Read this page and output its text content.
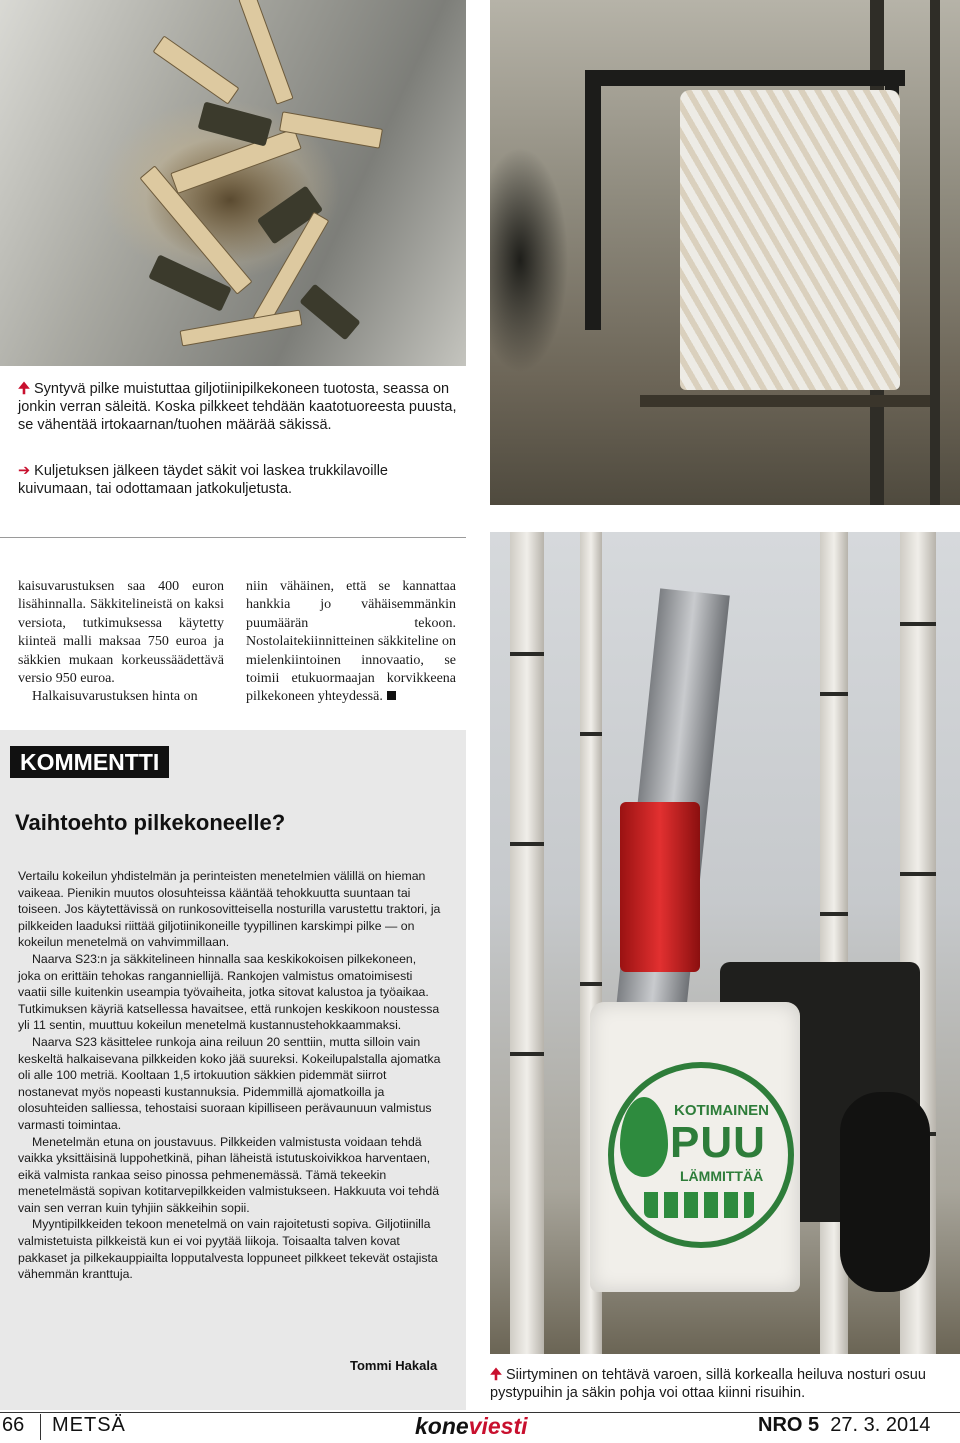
KOTIMAINEN
PUU
LÄMMITTÄÄ
🠉 Syntyvä pilke muistuttaa giljotiinipilkekoneen tuotosta, seassa on jonkin verran säleitä. Koska pilkkeet tehdään kaatotuoreesta puusta, se vähentää irtokaarnan/tuohen määrää säkissä.
➔ Kuljetuksen jälkeen täydet säkit voi laskea trukkilavoille kuivumaan, tai odottamaan jatkokuljetusta.

kaisuvarustuksen saa 400 euron lisähinnalla. Säkkitelineistä on kaksi versiota, tutkimuksessa käytetty kiinteä malli maksaa 750 euroa ja säkkien mukaan korkeussäädettävä versio 950 euroa.

Halkaisuvarustuksen hinta on

niin vähäinen, että se kannattaa hankkia jo vähäisemmänkin puumäärän tekoon. Nostolaitekiinnitteinen säkkiteline on mielenkiintoinen innovaatio, se toimii etukuormaajan korvikkeena pilkekoneen yhteydessä.

KOMMENTTI
Vaihtoehto pilkekoneelle?

Vertailu kokeilun yhdistelmän ja perinteisten menetelmien välillä on hieman vaikeaa. Pienikin muutos olosuhteissa kääntää tehokkuutta suuntaan tai toiseen. Jos käytettävissä on runkosovitteisella nosturilla varustettu traktori, ja pilkkeiden laaduksi riittää giljotiinikoneille tyypillinen karskimpi pilke — on kokeilun menetelmä on vahvimmillaan.

Naarva S23:n ja säkkitelineen hinnalla saa keskikokoisen pilkekoneen, joka on erittäin tehokas ranganniellijä. Rankojen valmistus omatoimisesti vaatii sille kuitenkin useampia työvaiheita, jotka sitovat kalustoa ja työaikaa. Tutkimuksen käyriä katsellessa havaitsee, että runkojen keskikoon noustessa yli 11 sentin, muuttuu kokeilun menetelmä kustannustehokkaammaksi.

Naarva S23 käsittelee runkoja aina reiluun 20 senttiin, mutta silloin vain keskeltä halkaisevana pilkkeiden koko jää suureksi. Kokeilupalstalla ajomatka oli alle 100 metriä. Kooltaan 1,5 irtokuution säkkien pidemmät siirrot nostanevat myös nopeasti kustannuksia. Pidemmillä ajomatkoilla ja olosuhteiden salliessa, tehostaisi suoraan kipilliseen perävaunuun valmistus varmasti toimintaa.

Menetelmän etuna on joustavuus. Pilkkeiden valmistusta voidaan tehdä vaikka yksittäisinä luppohetkinä, pihan läheistä istutuskoivikkoa harventaen, eikä valmista rankaa seiso pinossa pehmenemässä. Tämä tekeekin menetelmästä sopivan kotitarvepilkkeiden valmistukseen. Hakkuuta voi tehdä vain sen verran kuin tyhjiin säkkeihin sopii.

Myyntipilkkeiden tekoon menetelmä on vain rajoitetusti sopiva. Giljotiinilla valmistetuista pilkkeistä kun ei voi pyytää liikoja. Toisaalta talven kovat pakkaset ja pilkekauppiailta lopputalvesta loppuneet pilkkeet tekevät ostajista vähemmän kranttuja.

Tommi Hakala
🠉 Siirtyminen on tehtävä varoen, sillä korkealla heiluva nosturi osuu pystypuihin ja säkin pohja voi ottaa kiinni risuihin.
66 METSÄ	koneviesti	NRO 5 27. 3. 2014
